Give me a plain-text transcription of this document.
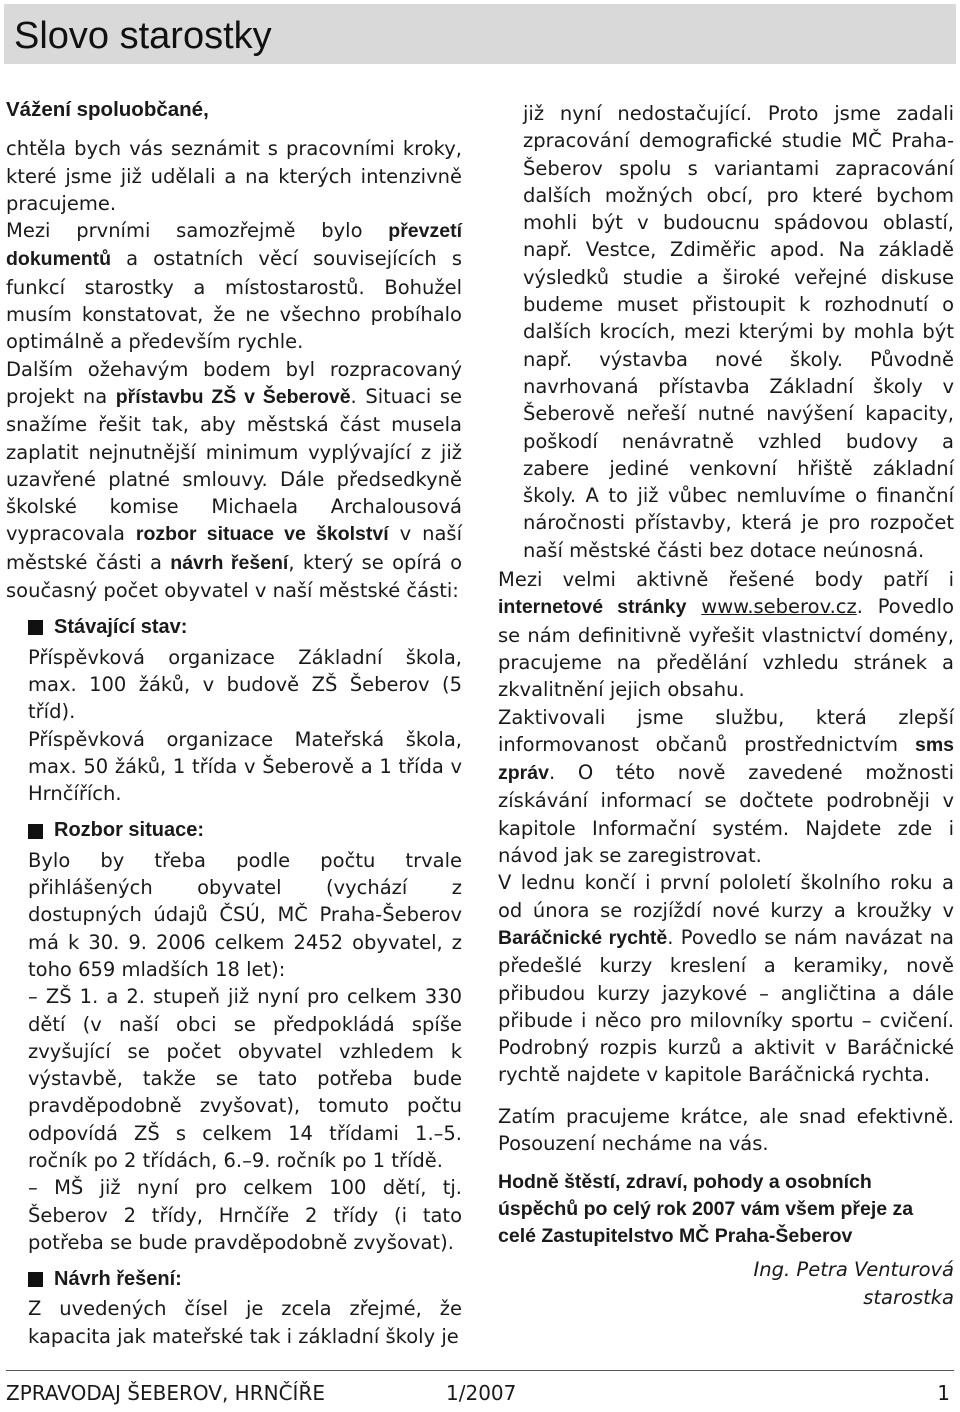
Slovo starostky

Vážení spoluobčané,

chtěla bych vás seznámit s pracovními kroky, které jsme již udělali a na kterých intenzivně pracujeme.

Mezi prvními samozřejmě bylo převzetí dokumentů a ostatních věcí souvisejících s funkcí starostky a místostarostů. Bohužel musím konstatovat, že ne všechno probíhalo optimálně a především rychle.

Dalším ožehavým bodem byl rozpracovaný projekt na přístavbu ZŠ v Šeberově. Situaci se snažíme řešit tak, aby městská část musela zaplatit nejnutnější minimum vyplývající z již uzavřené platné smlouvy. Dále předsedkyně školské komise Michaela Archalousová vypracovala rozbor situace ve školství v naší městské části a návrh řešení, který se opírá o současný počet obyvatel v naší městské části:

Stávající stav:

Příspěvková organizace Základní škola, max. 100 žáků, v budově ZŠ Šeberov (5 tříd).

Příspěvková organizace Mateřská škola, max. 50 žáků, 1 třída v Šeberově a 1 třída v Hrnčířích.

Rozbor situace:

Bylo by třeba podle počtu trvale přihlášených obyvatel (vychází z dostupných údajů ČSÚ, MČ Praha-Šeberov má k 30. 9. 2006 celkem 2452 obyvatel, z toho 659 mladších 18 let):

– ZŠ 1. a 2. stupeň již nyní pro celkem 330 dětí (v naší obci se předpokládá spíše zvyšující se počet obyvatel vzhledem k výstavbě, takže se tato potřeba bude pravděpodobně zvyšovat), tomuto počtu odpovídá ZŠ s celkem 14 třídami 1.–5. ročník po 2 třídách, 6.–9. ročník po 1 třídě.

– MŠ již nyní pro celkem 100 dětí, tj. Šeberov 2 třídy, Hrnčíře 2 třídy (i tato potřeba se bude pravděpodobně zvyšovat).

Návrh řešení:

Z uvedených čísel je zcela zřejmé, že kapacita jak mateřské tak i základní školy je

již nyní nedostačující. Proto jsme zadali zpracování demografické studie MČ Praha-Šeberov spolu s variantami zapracování dalších možných obcí, pro které bychom mohli být v budoucnu spádovou oblastí, např. Vestce, Zdiměřic apod. Na základě výsledků studie a široké veřejné diskuse budeme muset přistoupit k rozhodnutí o dalších krocích, mezi kterými by mohla být např. výstavba nové školy. Původně navrhovaná přístavba Základní školy v Šeberově neřeší nutné navýšení kapacity, poškodí nenávratně vzhled budovy a zabere jediné venkovní hřiště základní školy. A to již vůbec nemluvíme o finanční náročnosti přístavby, která je pro rozpočet naší městské části bez dotace neúnosná.

Mezi velmi aktivně řešené body patří i internetové stránky www.seberov.cz. Povedlo se nám definitivně vyřešit vlastnictví domény, pracujeme na předělání vzhledu stránek a zkvalitnění jejich obsahu.

Zaktivovali jsme službu, která zlepší informovanost občanů prostřednictvím sms zpráv. O této nově zavedené možnosti získávání informací se dočtete podrobněji v kapitole Informační systém. Najdete zde i návod jak se zaregistrovat.

V lednu končí i první pololetí školního roku a od února se rozjíždí nové kurzy a kroužky v Baráčnické rychtě. Povedlo se nám navázat na předešlé kurzy kreslení a keramiky, nově přibudou kurzy jazykové – angličtina a dále přibude i něco pro milovníky sportu – cvičení. Podrobný rozpis kurzů a aktivit v Baráčnické rychtě najdete v kapitole Baráčnická rychta.

Zatím pracujeme krátce, ale snad efektivně. Posouzení necháme na vás.

Hodně štěstí, zdraví, pohody a osobních úspěchů po celý rok 2007 vám všem přeje za celé Zastupitelstvo MČ Praha-Šeberov

Ing. Petra Venturová
starostka

ZPRAVODAJ ŠEBEROV, HRNČÍŘE	1/2007	1
